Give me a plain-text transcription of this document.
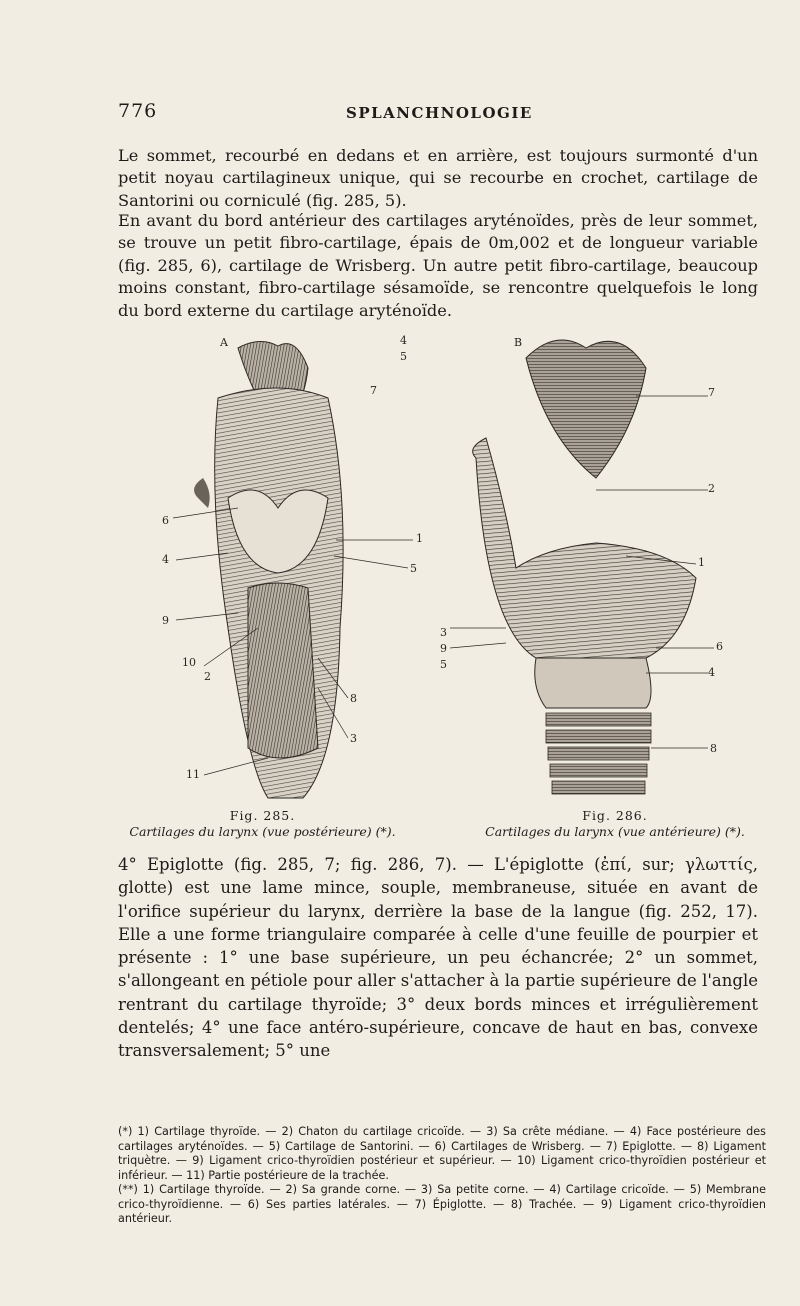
776	SPLANCHNOLOGIE

Le sommet, recourbé en dedans et en arrière, est toujours surmonté d'un petit noyau cartilagineux unique, qui se recourbe en crochet, cartilage de Santorini ou corniculé (fig. 285, 5).

En avant du bord antérieur des cartilages aryténoïdes, près de leur sommet, se trouve un petit fibro-cartilage, épais de 0m,002 et de longueur variable (fig. 285, 6), cartilage de Wrisberg. Un autre petit fibro-cartilage, beaucoup moins constant, fibro-cartilage sésamoïde, se rencontre quelquefois le long du bord externe du cartilage aryténoïde.

A	4
5
7
6
4
9
10
2
1
5
8
3
11
B
7
2
1
3
9
5
6
4
8
Fig. 285.
Cartilages du larynx (vue postérieure) (*).
Fig. 286.
Cartilages du larynx (vue antérieure) (*).

4° Epiglotte (fig. 285, 7; fig. 286, 7). — L'épiglotte (ἐπί, sur; γλωττίς, glotte) est une lame mince, souple, membraneuse, située en avant de l'orifice supérieur du larynx, derrière la base de la langue (fig. 252, 17). Elle a une forme triangulaire comparée à celle d'une feuille de pourpier et présente : 1° une base supérieure, un peu échancrée; 2° un sommet, s'allongeant en pétiole pour aller s'attacher à la partie supérieure de l'angle rentrant du cartilage thyroïde; 3° deux bords minces et irrégulièrement dentelés; 4° une face antéro-supérieure, concave de haut en bas, convexe transversalement; 5° une

(*) 1) Cartilage thyroïde. — 2) Chaton du cartilage cricoïde. — 3) Sa crête médiane. — 4) Face postérieure des cartilages aryténoïdes. — 5) Cartilage de Santorini. — 6) Cartilages de Wrisberg. — 7) Epiglotte. — 8) Ligament triquètre. — 9) Ligament crico-thyroïdien postérieur et supérieur. — 10) Ligament crico-thyroïdien postérieur et inférieur. — 11) Partie postérieure de la trachée.

(**) 1) Cartilage thyroïde. — 2) Sa grande corne. — 3) Sa petite corne. — 4) Cartilage cricoïde. — 5) Membrane crico-thyroïdienne. — 6) Ses parties latérales. — 7) Épiglotte. — 8) Trachée. — 9) Ligament crico-thyroïdien antérieur.
